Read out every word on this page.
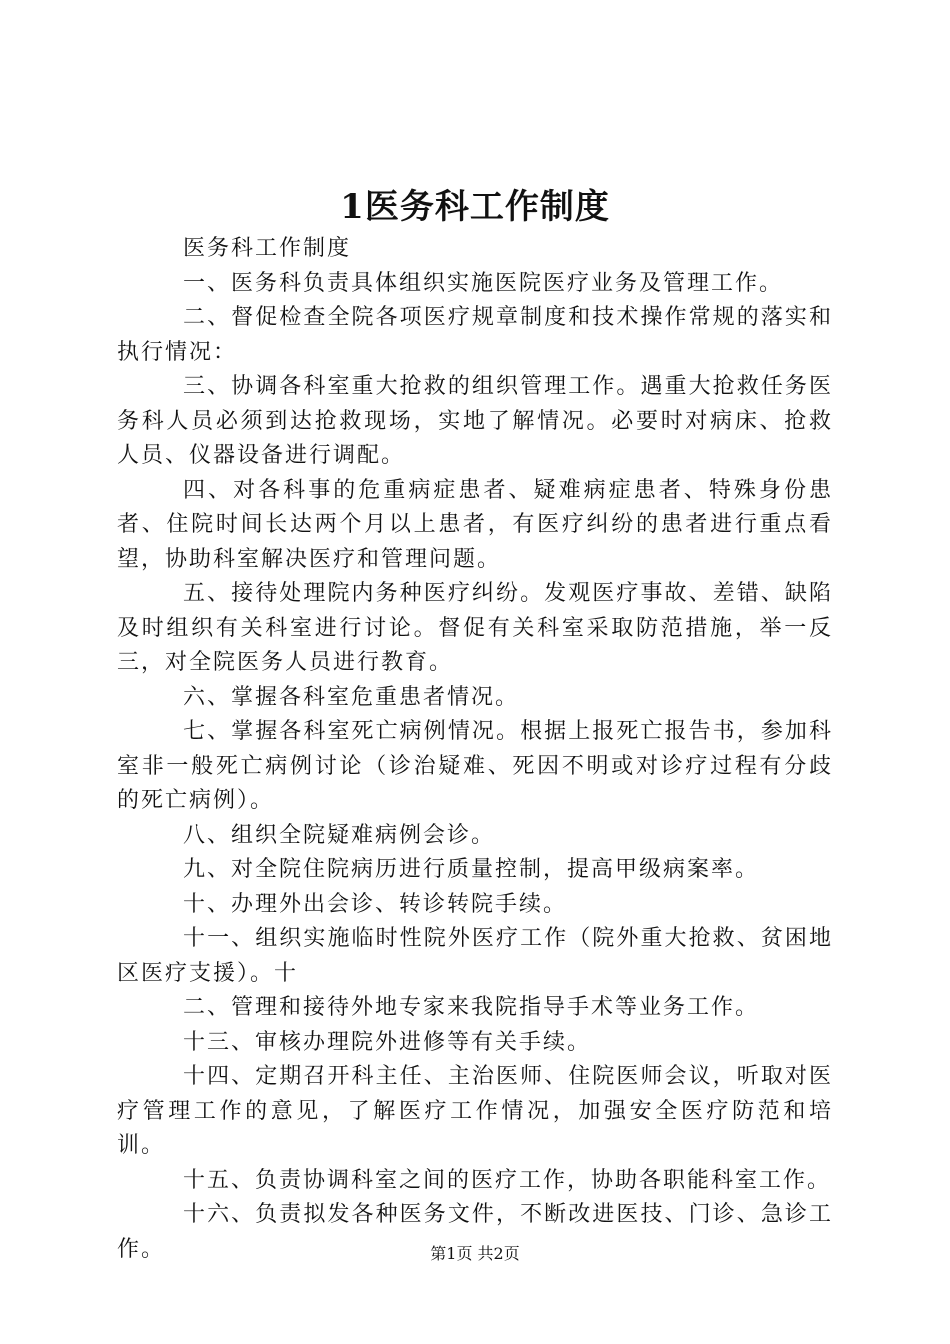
1医务科工作制度

医务科工作制度

一、医务科负责具体组织实施医院医疗业务及管理工作。

二、督促检查全院各项医疗规章制度和技术操作常规的落实和执行情况：

三、协调各科室重大抢救的组织管理工作。遇重大抢救任务医务科人员必须到达抢救现场，实地了解情况。必要时对病床、抢救人员、仪器设备进行调配。

四、对各科事的危重病症患者、疑难病症患者、特殊身份患者、住院时间长达两个月以上患者，有医疗纠纷的患者进行重点看望，协助科室解决医疗和管理问题。

五、接待处理院内务种医疗纠纷。发观医疗事故、差错、缺陷及时组织有关科室进行讨论。督促有关科室采取防范措施，举一反三，对全院医务人员进行教育。

六、掌握各科室危重患者情况。

七、掌握各科室死亡病例情况。根据上报死亡报告书，参加科室非一般死亡病例讨论（诊治疑难、死因不明或对诊疗过程有分歧的死亡病例）。

八、组织全院疑难病例会诊。

九、对全院住院病历进行质量控制，提高甲级病案率。

十、办理外出会诊、转诊转院手续。

十一、组织实施临时性院外医疗工作（院外重大抢救、贫困地区医疗支援）。十

二、管理和接待外地专家来我院指导手术等业务工作。

十三、审核办理院外进修等有关手续。

十四、定期召开科主任、主治医师、住院医师会议，听取对医疗管理工作的意见，了解医疗工作情况，加强安全医疗防范和培训。

十五、负责协调科室之间的医疗工作，协助各职能科室工作。

十六、负责拟发各种医务文件，不断改进医技、门诊、急诊工作。	第1页 共2页
